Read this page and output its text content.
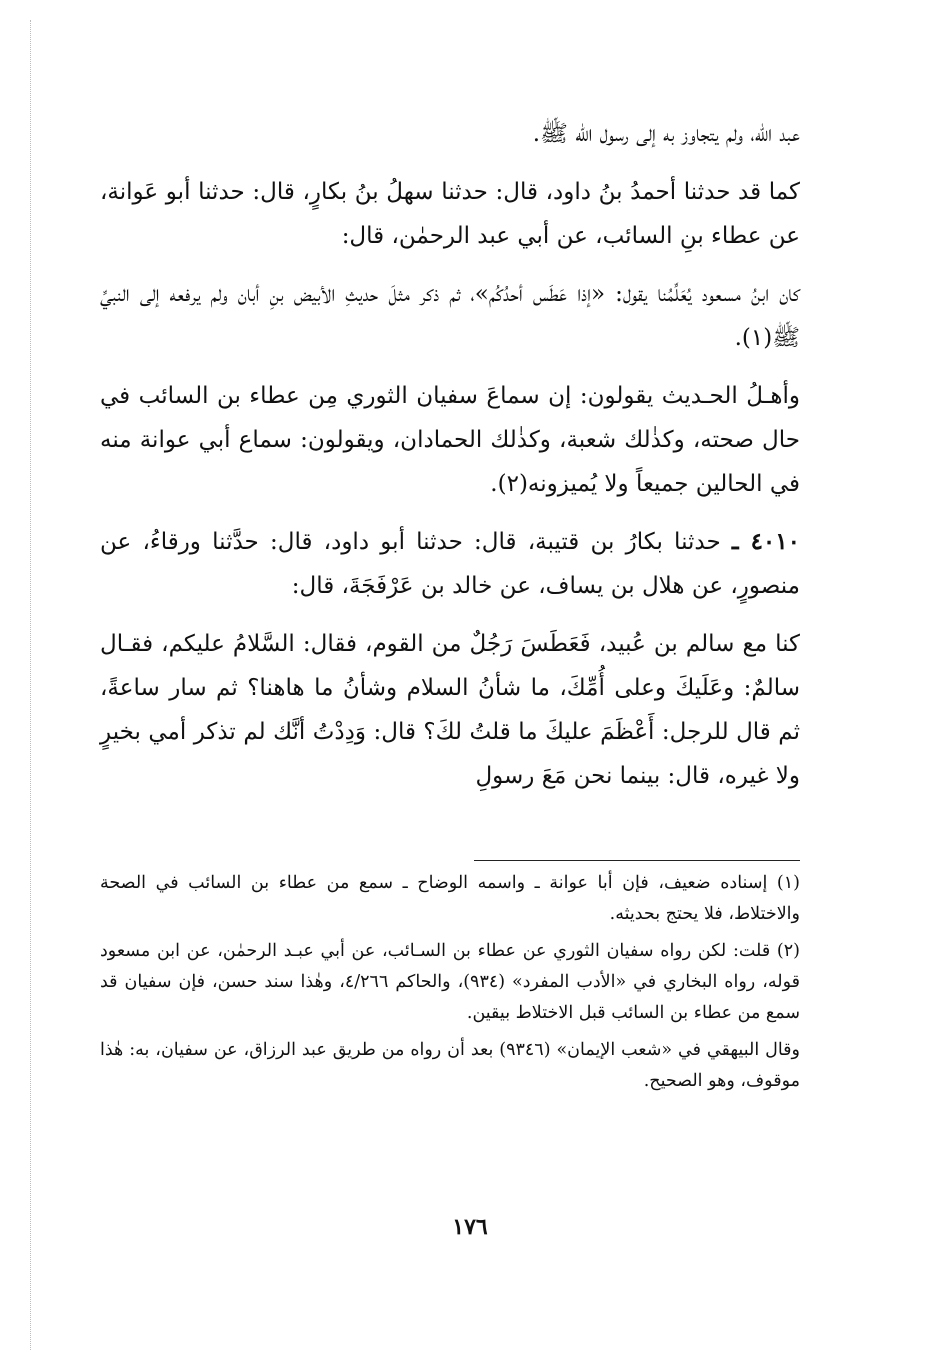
عبد الله، ولم يتجاوز به إلى رسول الله ﷺ.

كما قد حدثنا أحمدُ بنُ داود، قال: حدثنا سهلُ بنُ بكارٍ، قال: حدثنا أبو عَوانة، عن عطاء بنِ السائب، عن أبي عبد الرحمٰن، قال:

كان ابنُ مسعود يُعَلِّمُنا يقول: «إذا عَطَس أحدُكُم»، ثم ذكر مثلَ حديثِ الأبيض بنِ أبان ولم يرفعه إلى النبيِّ ﷺ(١).

وأهـلُ الحـديث يقولون: إن سماعَ سفيان الثوري مِن عطاء بن السائب في حال صحته، وكذٰلك شعبة، وكذٰلك الحمادان، ويقولون: سماع أبي عوانة منه في الحالين جميعاً ولا يُميزونه(٢).

٤٠١٠ ـ حدثنا بكارُ بن قتيبة، قال: حدثنا أبو داود، قال: حدَّثنا ورقاءُ، عن منصورٍ، عن هلال بن يساف، عن خالد بن عَرْفَجَةَ، قال:

كنا مع سالم بن عُبيد، فَعَطَسَ رَجُلٌ من القوم، فقال: السَّلامُ عليكم، فقـال سالمٌ: وعَلَيكَ وعلى أُمِّكَ، ما شأنُ السلام وشأنُ ما هاهنا؟ ثم سار ساعةً، ثم قال للرجل: أَعْظَمَ عليكَ ما قلتُ لكَ؟ قال: وَدِدْتُ أنَّك لم تذكر أمي بخيرٍ ولا غيره، قال: بينما نحن مَعَ رسولِ

(١) إسناده ضعيف، فإن أبا عوانة ـ واسمه الوضاح ـ سمع من عطاء بن السائب في الصحة والاختلاط، فلا يحتج بحديثه.

(٢) قلت: لكن رواه سفيان الثوري عن عطاء بن السـائب، عن أبي عبـد الرحمٰن، عن ابن مسعود قوله، رواه البخاري في «الأدب المفرد» (٩٣٤)، والحاكم ٤/٢٦٦، وهٰذا سند حسن، فإن سفيان قد سمع من عطاء بن السائب قبل الاختلاط بيقين.

وقال البيهقي في «شعب الإيمان» (٩٣٤٦) بعد أن رواه من طريق عبد الرزاق، عن سفيان، به: هٰذا موقوف، وهو الصحيح.

١٧٦
